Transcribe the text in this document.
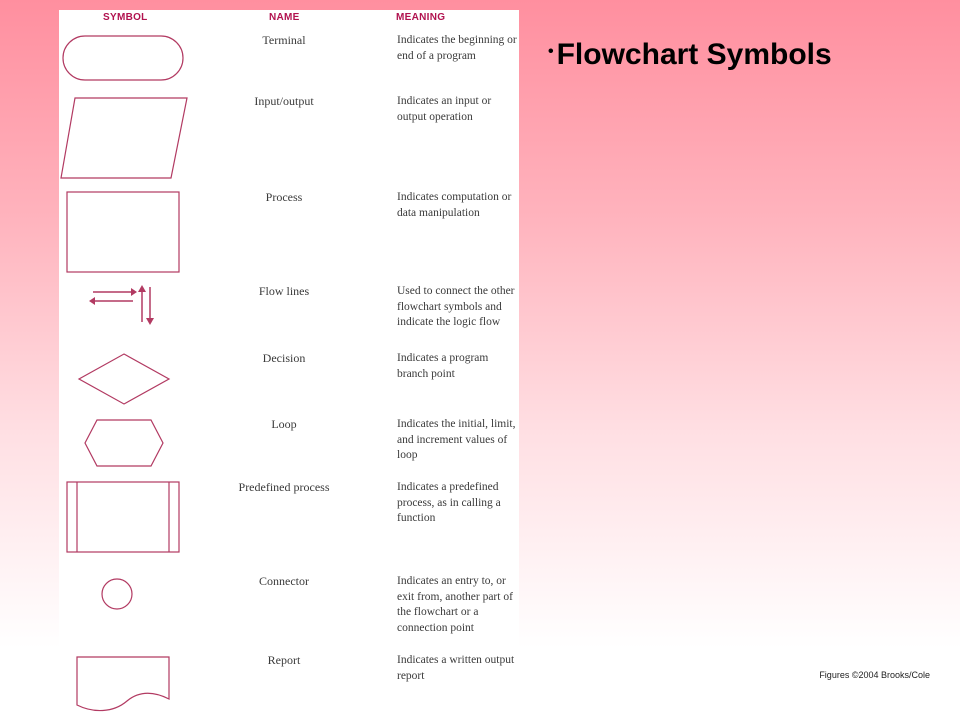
SYMBOL	NAME	MEANING
Terminal	Indicates the beginning or end of a program
Input/output	Indicates an input or output operation
Process	Indicates computation or data manipulation
Flow lines	Used to connect the other flowchart symbols and indicate the logic flow
Decision	Indicates a program branch point
Loop	Indicates the initial, limit, and increment values of loop
Predefined process	Indicates a predefined process, as in calling a function
Connector	Indicates an entry to, or exit from, another part of the flowchart or a connection point
Report	Indicates a written output report
• Flowchart Symbols
Figures ©2004 Brooks/Cole
